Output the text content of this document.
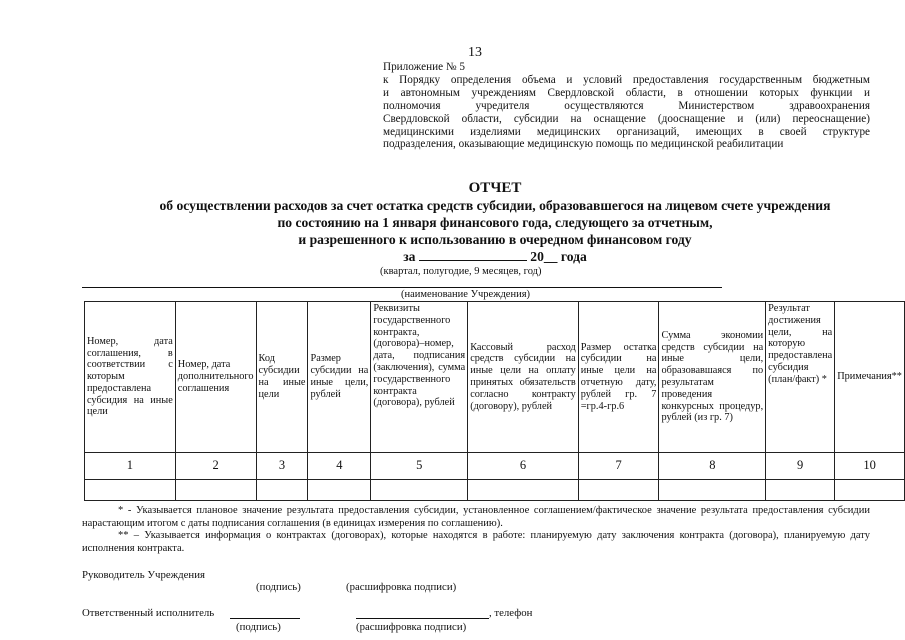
13
Приложение № 5
к Порядку определения объема и условий предоставления государственным бюджетным
и автономным учреждениям Свердловской области, в отношении которых функции и
полномочия учредителя осуществляются Министерством здравоохранения
Свердловской области, субсидии на оснащение (дооснащение и (или) переоснащение)
медицинскими изделиями медицинских организаций, имеющих в своей структуре
подразделения, оказывающие медицинскую помощь по медицинской реабилитации
ОТЧЕТ
об осуществлении расходов за счет остатка средств субсидии, образовавшегося на лицевом счете учреждения
по состоянию на 1 января финансового года, следующего за отчетным,
и разрешенного к использованию в очередном финансовом году
за	20__ года
(квартал, полугодие, 9 месяцев, год)
(наименование Учреждения)
Номер, дата соглашения, в соответствии с которым предоставлена субсидия на иные цели	Номер, дата дополнительного соглашения	Код субсидии на иные цели	Размер субсидии на иные цели, рублей	Реквизиты государственного контракта, (договора)–номер, дата, подписания (заключения), сумма государственного контракта (договора), рублей	Кассовый расход средств субсидии на иные цели на оплату принятых обязательств согласно контракту (договору), рублей	Размер остатка субсидии на иные цели на отчетную дату, рублей гр. 7 =гр.4-гр.6	Сумма экономии средств субсидии на иные цели, образовавшаяся по результатам проведения конкурсных процедур, рублей (из гр. 7)	Результат достижения цели, на которую предоставлена субсидия (план/факт) *	Примечания**
1	2	3	4	5	6	7	8	9	10

* - Указывается плановое значение результата предоставления субсидии, установленное соглашением/фактическое значение результата предоставления субсидии нарастающим итогом с даты подписания соглашения (в единицах измерения по соглашению).

** – Указывается информация о контрактах (договорах), которые находятся в работе: планируемую дату заключения контракта (договора), планируемую дату исполнения контракта.

Руководитель Учреждения
(подпись)	(расшифровка подписи)
Ответственный исполнитель	, телефон
(подпись)	(расшифровка подписи)
